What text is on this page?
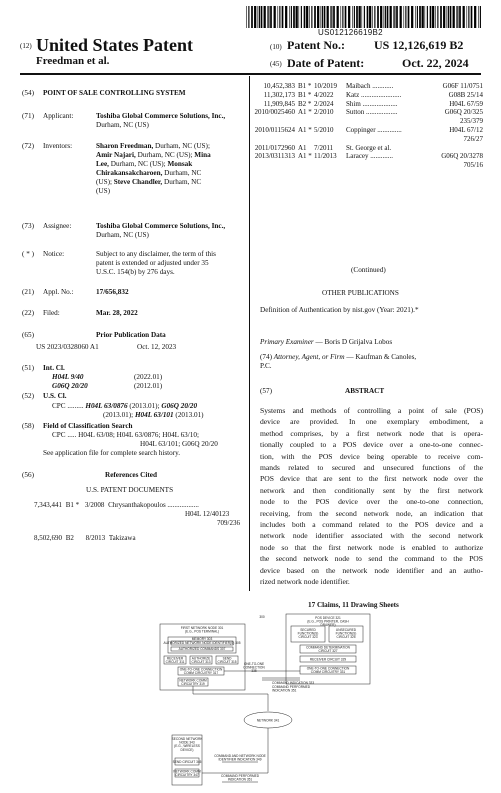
US012126619B2
(12) United States Patent
Freedman et al.
(10) Patent No.: US 12,126,619 B2
(45) Date of Patent:	Oct. 22, 2024
(54)	POINT OF SALE CONTROLLING SYSTEM
(71)	Applicant:	Toshiba Global Commerce Solutions, Inc., Durham, NC (US)
(72)	Inventors:	Sharon Freedman, Durham, NC (US);
Amir Najari, Durham, NC (US); Mina
Lee, Durham, NC (US); Monsak
Chirakansakcharoen, Durham, NC
(US); Steve Chandler, Durham, NC
(US)
(73)	Assignee:	Toshiba Global Commerce Solutions, Inc., Durham, NC (US)
( * )	Notice:	Subject to any disclaimer, the term of this
patent is extended or adjusted under 35
U.S.C. 154(b) by 276 days.
(21)	Appl. No.:	17/656,832
(22)	Filed:	Mar. 28, 2022
(65)	Prior Publication Data
US 2023/0328060 A1	Oct. 12, 2023
(51)	Int. Cl.
H04L 9/40	(2022.01)
G06Q 20/20	(2012.01)
(52)	U.S. Cl.
CPC ......... H04L 63/0876 (2013.01); G06Q 20/20
(2013.01); H04L 63/101 (2013.01)
(58)	Field of Classification Search
CPC ..... H04L 63/08; H04L 63/0876; H04L 63/10;
H04L 63/101; G06Q 20/20
See application file for complete search history.
(56)	References Cited
U.S. PATENT DOCUMENTS
7,343,441 B1 * 3/2008 Chrysanthakopoulos ..................
H04L 12/40123
709/236
8,502,690 B2 8/2013 Takizawa
10,452,383 B1 * 10/2019 Maibach ............	G06F 11/0751
11,302,173 B1 * 4/2022 Katz .......................	G08B 25/14
11,909,845 B2 * 2/2024 Shim ....................	H04L 67/59
2010/0025460 A1 * 2/2010 Sutton ..................	G06Q 20/325
235/379
2010/0115624 A1 * 5/2010 Coppinger ..............	H04L 67/12
726/27
2011/0172960 A1 7/2011 St. George et al.
2013/0311313 A1 * 11/2013 Laracey .............	G06Q 20/3278
705/16
(Continued)
OTHER PUBLICATIONS
Definition of Authentication by nist.gov (Year: 2021).*
Primary Examiner — Boris D Grijalva Lobos
(74) Attorney, Agent, or Firm — Kaufman & Canoles,
P.C.
(57)	ABSTRACT
Systems and methods of controlling a point of sale (POS)
device are provided. In one exemplary embodiment, a
method comprises, by a first network node that is opera-
tionally coupled to a POS device over a one-to-one connec-
tion, with the POS device being operable to receive com-
mands related to secured and unsecured functions of the
POS device that are sent to the first network node over the
network and then conditionally sent by the first network
node to the POS device over the one-to-one connection,
receiving, from the second network node, an indication that
includes both a command related to the POS device and a
network node identifier associated with the second network
node so that the first network node is enabled to authorize
the second network node to send the command to the POS
device based on the network node identifier and an autho-
rized network node identifier.
17 Claims, 11 Drawing Sheets
300
FIRST NETWORK NODE 301
(E.G., POS TERMINAL)
MEMORY 303
AUTHORIZED NETWORK NODE IDENTIFIER(S) 305
AUTHORIZED COMMANDS 307
RECEIVER
CIRCUIT 311
AUTHORIZE
CIRCUIT 313
SEND
CIRCUIT 315
ONE-TO-ONE CONNECTION
COMM CIRCUITRY 317
NETWORK COMM
CIRCUITRY 319
ONE-TO-ONE
CONNECTION
335
POS DEVICE 321
(E.G., POS PRINTER, CASH
DRAWER)
SECURED
FUNCTION(S)
CIRCUIT 323
UNSECURED
FUNCTION(S)
CIRCUIT 325
COMMAND DETERMINATION
CIRCUIT 327
RECEIVER CIRCUIT 329
ONE-TO-ONE CONNECTION
COMM CIRCUITRY 331
COMMAND INDICATION 333
COMMAND PERFORMED
INDICATION 351
NETWORK 341
SECOND NETWORK
NODE 343
(E.G., WIRELESS
DEVICE)
SEND CIRCUIT 345
NETWORK COMM
CIRCUITRY 347
COMMAND AND NETWORK NODE
IDENTIFIER INDICATION 349
COMMAND PERFORMED
INDICATION 351
